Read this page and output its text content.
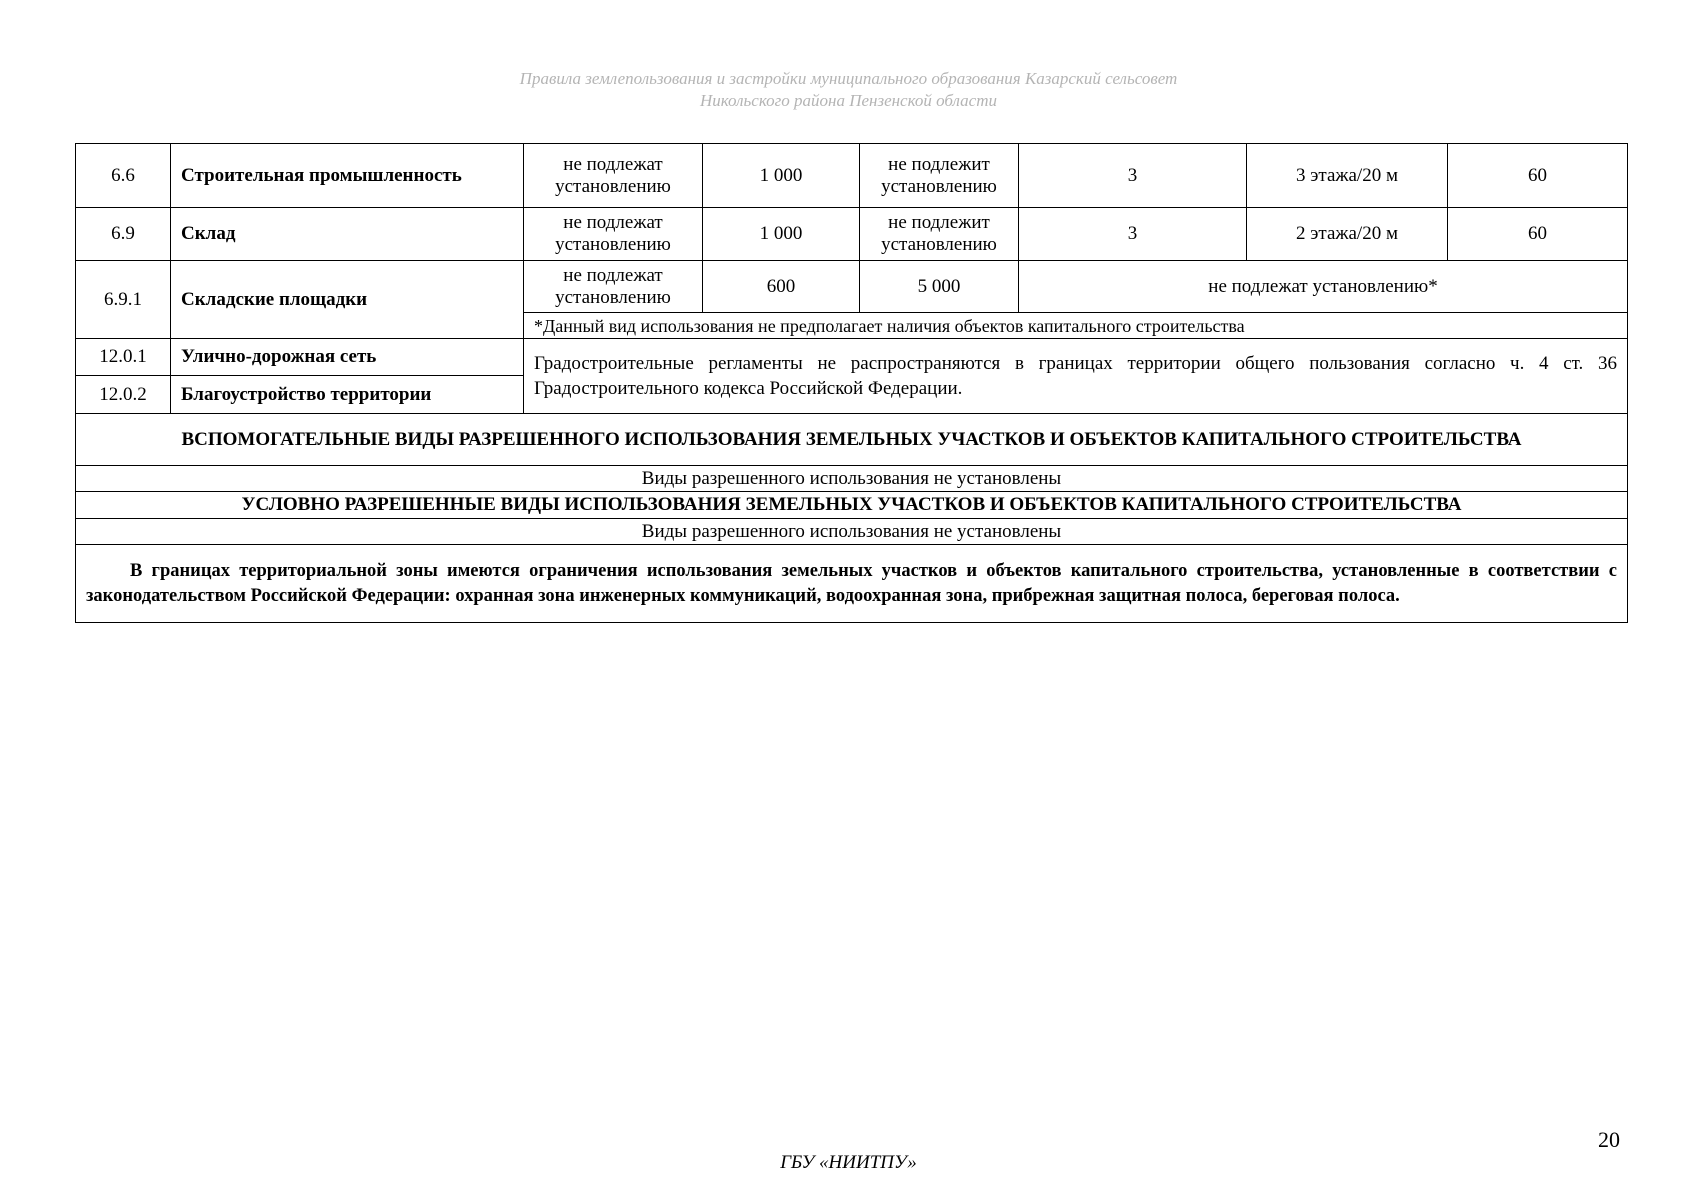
Правила землепользования и застройки муниципального образования Казарский сельсовет
Никольского района Пензенской области
6.6	Строительная промышленность	не подлежат установлению	1 000	не подлежит установлению	3	3 этажа/20 м	60
6.9	Склад	не подлежат установлению	1 000	не подлежит установлению	3	2 этажа/20 м	60
6.9.1	Складские площадки	не подлежат установлению	600	5 000	не подлежат установлению*		
		*Данный вид использования не предполагает наличия объектов капитального строительства					
12.0.1	Улично-дорожная сеть	Градостроительные регламенты не распространяются в границах территории общего пользования согласно ч. 4 ст. 36 Градостроительного кодекса Российской Федерации.					
12.0.2	Благоустройство территории						
ВСПОМОГАТЕЛЬНЫЕ ВИДЫ РАЗРЕШЕННОГО ИСПОЛЬЗОВАНИЯ ЗЕМЕЛЬНЫХ УЧАСТКОВ И ОБЪЕКТОВ КАПИТАЛЬНОГО СТРОИТЕЛЬСТВА							
Виды разрешенного использования не установлены							
УСЛОВНО РАЗРЕШЕННЫЕ ВИДЫ ИСПОЛЬЗОВАНИЯ ЗЕМЕЛЬНЫХ УЧАСТКОВ И ОБЪЕКТОВ КАПИТАЛЬНОГО СТРОИТЕЛЬСТВА							
Виды разрешенного использования не установлены							
В границах территориальной зоны имеются ограничения использования земельных участков и объектов капитального строительства, установленные в соответствии с законодательством Российской Федерации: охранная зона инженерных коммуникаций, водоохранная зона, прибрежная защитная полоса, береговая полоса.							
20
ГБУ «НИИТПУ»
